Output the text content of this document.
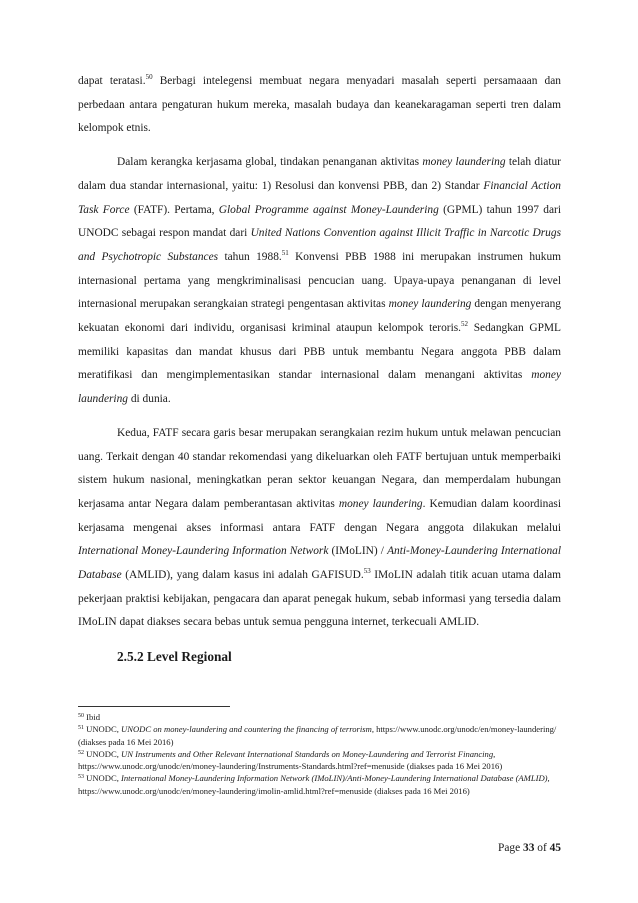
dapat teratasi.$^{50}$ Berbagi intelegensi membuat negara menyadari masalah seperti persamaaan dan perbedaan antara pengaturan hukum mereka, masalah budaya dan keanekaragaman seperti tren dalam kelompok etnis.

Dalam kerangka kerjasama global, tindakan penanganan aktivitas money laundering telah diatur dalam dua standar internasional, yaitu: 1) Resolusi dan konvensi PBB, dan 2) Standar Financial Action Task Force (FATF). Pertama, Global Programme against Money-Laundering (GPML) tahun 1997 dari UNODC sebagai respon mandat dari United Nations Convention against Illicit Traffic in Narcotic Drugs and Psychotropic Substances tahun 1988.51 Konvensi PBB 1988 ini merupakan instrumen hukum internasional pertama yang mengkriminalisasi pencucian uang. Upaya-upaya penanganan di level internasional merupakan serangkaian strategi pengentasan aktivitas money laundering dengan menyerang kekuatan ekonomi dari individu, organisasi kriminal ataupun kelompok teroris.$^{52}$ Sedangkan GPML memiliki kapasitas dan mandat khusus dari PBB untuk membantu Negara anggota PBB dalam meratifikasi dan mengimplementasikan standar internasional dalam menangani aktivitas money laundering di dunia.

Kedua, FATF secara garis besar merupakan serangkaian rezim hukum untuk melawan pencucian uang. Terkait dengan 40 standar rekomendasi yang dikeluarkan oleh FATF bertujuan untuk memperbaiki sistem hukum nasional, meningkatkan peran sektor keuangan Negara, dan memperdalam hubungan kerjasama antar Negara dalam pemberantasan aktivitas money laundering. Kemudian dalam koordinasi kerjasama mengenai akses informasi antara FATF dengan Negara anggota dilakukan melalui International Money-Laundering Information Network (IMoLIN) / Anti-Money-Laundering International Database (AMLID), yang dalam kasus ini adalah GAFISUD.$^{53}$ IMoLIN adalah titik acuan utama dalam pekerjaan praktisi kebijakan, pengacara dan aparat penegak hukum, sebab informasi yang tersedia dalam IMoLIN dapat diakses secara bebas untuk semua pengguna internet, terkecuali AMLID.

2.5.2 Level Regional

$^{50}$ Ibid

$^{51}$ UNODC, UNODC on money-laundering and countering the financing of terrorism, https://www.unodc.org/unodc/en/money-laundering/ (diakses pada 16 Mei 2016)

$^{52}$ UNODC, UN Instruments and Other Relevant International Standards on Money-Laundering and Terrorist Financing, https://www.unodc.org/unodc/en/money-laundering/Instruments-Standards.html?ref=menuside (diakses pada 16 Mei 2016)

$^{53}$ UNODC, International Money-Laundering Information Network (IMoLIN)/Anti-Money-Laundering International Database (AMLID), https://www.unodc.org/unodc/en/money-laundering/imolin-amlid.html?ref=menuside (diakses pada 16 Mei 2016)

Page 33 of 45
